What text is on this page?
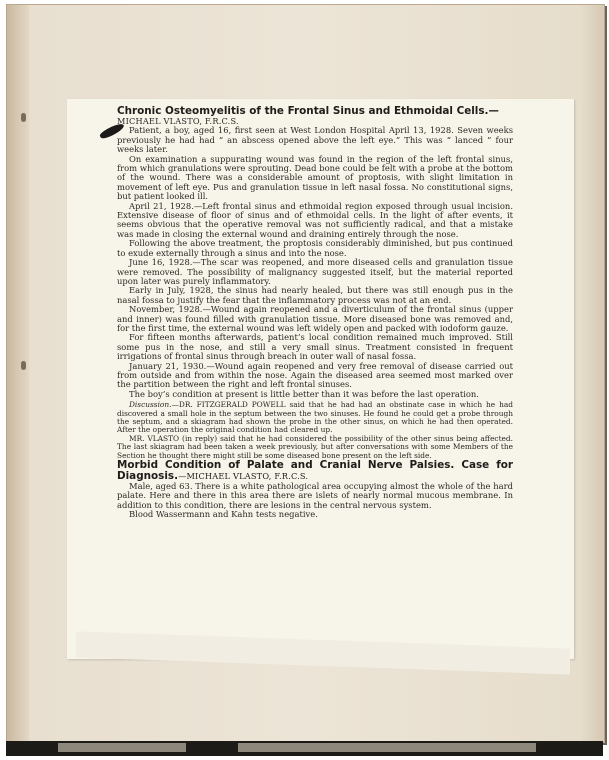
Chronic Osteomyelitis of the Frontal Sinus and Ethmoidal Cells.—

MICHAEL VLASTO, F.R.C.S.

Patient, a boy, aged 16, first seen at West London Hospital April 13, 1928. Seven weeks previously he had had “ an abscess opened above the left eye.” This was “ lanced ” four weeks later.

On examination a suppurating wound was found in the region of the left frontal sinus, from which granulations were sprouting. Dead bone could be felt with a probe at the bottom of the wound. There was a considerable amount of proptosis, with slight limitation in movement of left eye. Pus and granulation tissue in left nasal fossa. No constitutional signs, but patient looked ill.

April 21, 1928.—Left frontal sinus and ethmoidal region exposed through usual incision. Extensive disease of floor of sinus and of ethmoidal cells. In the light of after events, it seems obvious that the operative removal was not sufficiently radical, and that a mistake was made in closing the external wound and draining entirely through the nose.

Following the above treatment, the proptosis considerably diminished, but pus continued to exude externally through a sinus and into the nose.

June 16, 1928.—The scar was reopened, and more diseased cells and granulation tissue were removed. The possibility of malignancy suggested itself, but the material reported upon later was purely inflammatory.

Early in July, 1928, the sinus had nearly healed, but there was still enough pus in the nasal fossa to justify the fear that the inflammatory process was not at an end.

November, 1928.—Wound again reopened and a diverticulum of the frontal sinus (upper and inner) was found filled with granulation tissue. More diseased bone was removed and, for the first time, the external wound was left widely open and packed with iodoform gauze.

For fifteen months afterwards, patient’s local condition remained much improved. Still some pus in the nose, and still a very small sinus. Treatment consisted in frequent irrigations of frontal sinus through breach in outer wall of nasal fossa.

January 21, 1930.—Wound again reopened and very free removal of disease carried out from outside and from within the nose. Again the diseased area seemed most marked over the partition between the right and left frontal sinuses.

The boy’s condition at present is little better than it was before the last operation.

Discussion.—DR. FITZGERALD POWELL said that he had had an obstinate case in which he had discovered a small hole in the septum between the two sinuses. He found he could get a probe through the septum, and a skiagram had shown the probe in the other sinus, on which he had then operated. After the operation the original condition had cleared up.

MR. VLASTO (in reply) said that he had considered the possibility of the other sinus being affected. The last skiagram had been taken a week previously, but after conversations with some Members of the Section he thought there might still be some diseased bone present on the left side.

Morbid Condition of Palate and Cranial Nerve Palsies. Case for Diagnosis.—MICHAEL VLASTO, F.R.C.S.

Male, aged 63. There is a white pathological area occupying almost the whole of the hard palate. Here and there in this area there are islets of nearly normal mucous membrane. In addition to this condition, there are lesions in the central nervous system.

Blood Wassermann and Kahn tests negative.
